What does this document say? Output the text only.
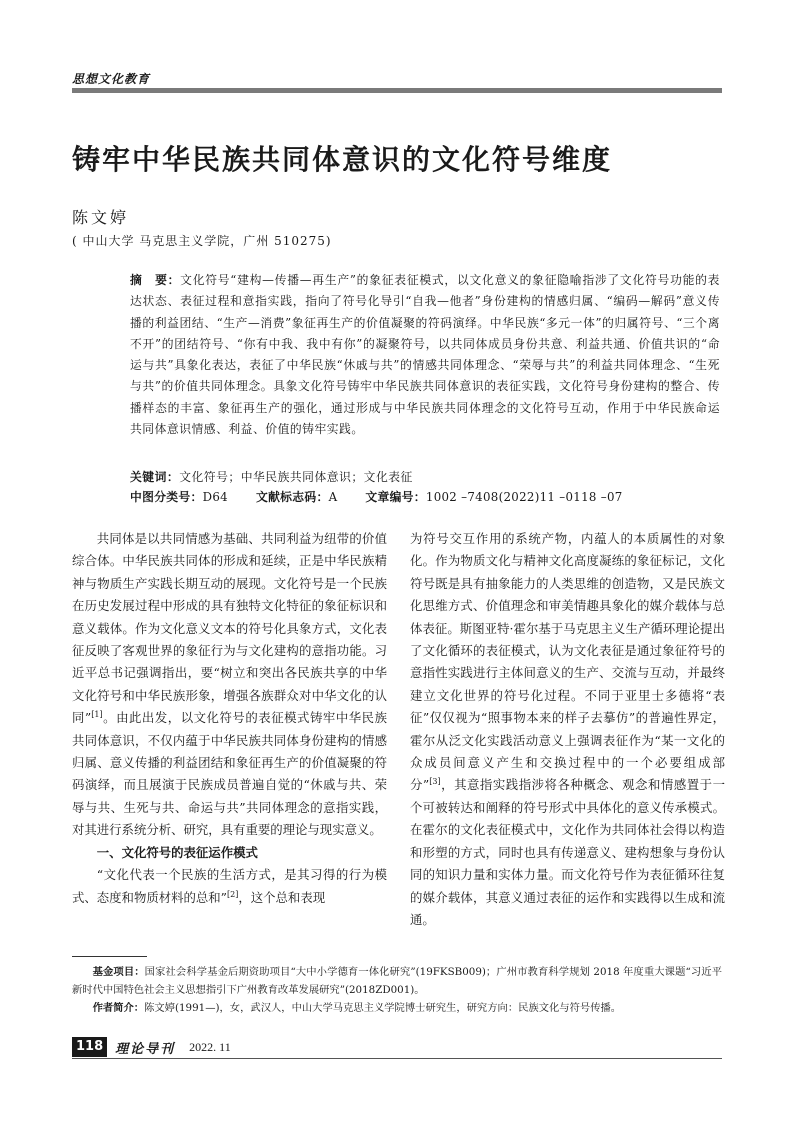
思想文化教育
铸牢中华民族共同体意识的文化符号维度
陈文婷
( 中山大学 马克思主义学院，广州 510275)

摘　要：文化符号“建构—传播—再生产”的象征表征模式，以文化意义的象征隐喻指涉了文化符号功能的表达状态、表征过程和意指实践，指向了符号化导引“自我—他者”身份建构的情感归属、“编码—解码”意义传播的利益团结、“生产—消费”象征再生产的价值凝聚的符码演绎。中华民族“多元一体”的归属符号、“三个离不开”的团结符号、“你有中我、我中有你”的凝聚符号，以共同体成员身份共意、利益共通、价值共识的“命运与共”具象化表达，表征了中华民族“休戚与共”的情感共同体理念、“荣辱与共”的利益共同体理念、“生死与共”的价值共同体理念。具象文化符号铸牢中华民族共同体意识的表征实践，文化符号身份建构的整合、传播样态的丰富、象征再生产的强化，通过形成与中华民族共同体理念的文化符号互动，作用于中华民族命运共同体意识情感、利益、价值的铸牢实践。

关键词：文化符号；中华民族共同体意识；文化表征
中图分类号：D64 文献标志码：A 文章编号：1002 –7408(2022)11 –0118 –07

共同体是以共同情感为基础、共同利益为纽带的价值综合体。中华民族共同体的形成和延续，正是中华民族精神与物质生产实践长期互动的展现。文化符号是一个民族在历史发展过程中形成的具有独特文化特征的象征标识和意义载体。作为文化意义文本的符号化具象方式，文化表征反映了客观世界的象征行为与文化建构的意指功能。习近平总书记强调指出，要“树立和突出各民族共享的中华文化符号和中华民族形象，增强各族群众对中华文化的认同”[1]。由此出发，以文化符号的表征模式铸牢中华民族共同体意识，不仅内蕴于中华民族共同体身份建构的情感归属、意义传播的利益团结和象征再生产的价值凝聚的符码演绎，而且展演于民族成员普遍自觉的“休戚与共、荣辱与共、生死与共、命运与共”共同体理念的意指实践，对其进行系统分析、研究，具有重要的理论与现实意义。

一、文化符号的表征运作模式

“文化代表一个民族的生活方式，是其习得的行为模式、态度和物质材料的总和”[2]，这个总和表现

为符号交互作用的系统产物，内蕴人的本质属性的对象化。作为物质文化与精神文化高度凝练的象征标记，文化符号既是具有抽象能力的人类思维的创造物，又是民族文化思维方式、价值理念和审美情趣具象化的媒介载体与总体表征。斯图亚特·霍尔基于马克思主义生产循环理论提出了文化循环的表征模式，认为文化表征是通过象征符号的意指性实践进行主体间意义的生产、交流与互动，并最终建立文化世界的符号化过程。不同于亚里士多德将“表征”仅仅视为“照事物本来的样子去摹仿”的普遍性界定，霍尔从泛文化实践活动意义上强调表征作为“某一文化的众成员间意义产生和交换过程中的一个必要组成部分”[3]，其意指实践指涉将各种概念、观念和情感置于一个可被转达和阐释的符号形式中具体化的意义传承模式。在霍尔的文化表征模式中，文化作为共同体社会得以构造和形塑的方式，同时也具有传递意义、建构想象与身份认同的知识力量和实体力量。而文化符号作为表征循环往复的媒介载体，其意义通过表征的运作和实践得以生成和流通。

基金项目：国家社会科学基金后期资助项目“大中小学德育一体化研究”(19FKSB009)；广州市教育科学规划 2018 年度重大课题“习近平新时代中国特色社会主义思想指引下广州教育改革发展研究”(2018ZD001)。

作者简介：陈文婷(1991—)，女，武汉人，中山大学马克思主义学院博士研究生，研究方向：民族文化与符号传播。

118 理论导刊 2022. 11
